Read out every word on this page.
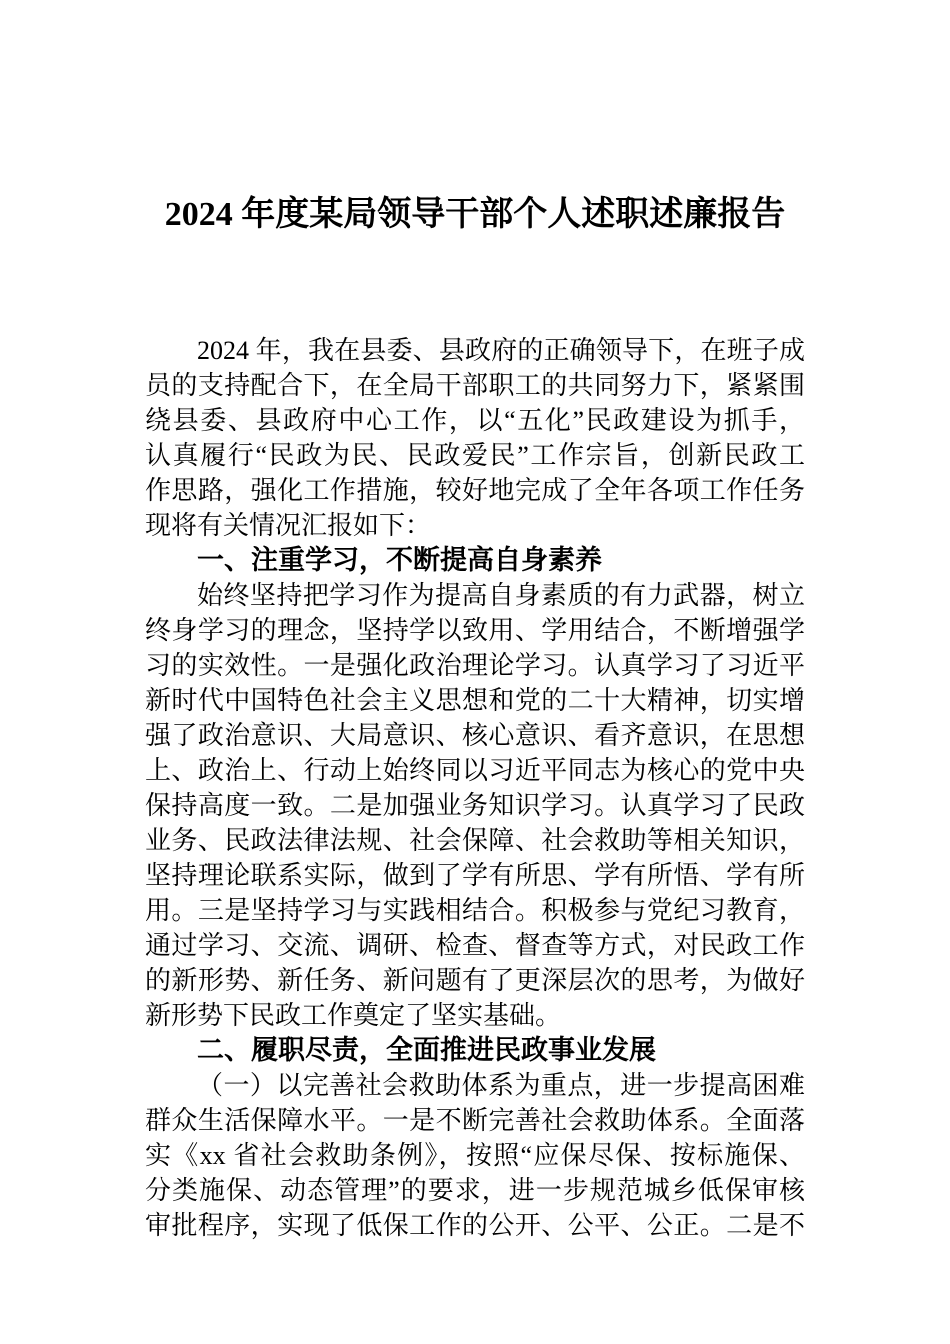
2024 年度某局领导干部个人述职述廉报告
2024 年，我在县委、县政府的正确领导下，在班子成
员的支持配合下，在全局干部职工的共同努力下，紧紧围
绕县委、县政府中心工作，以“五化”民政建设为抓手，
认真履行“民政为民、民政爱民”工作宗旨，创新民政工
作思路，强化工作措施，较好地完成了全年各项工作任务
现将有关情况汇报如下：
一、注重学习，不断提高自身素养
始终坚持把学习作为提高自身素质的有力武器，树立
终身学习的理念，坚持学以致用、学用结合，不断增强学
习的实效性。一是强化政治理论学习。认真学习了习近平
新时代中国特色社会主义思想和党的二十大精神，切实增
强了政治意识、大局意识、核心意识、看齐意识，在思想
上、政治上、行动上始终同以习近平同志为核心的党中央
保持高度一致。二是加强业务知识学习。认真学习了民政
业务、民政法律法规、社会保障、社会救助等相关知识，
坚持理论联系实际，做到了学有所思、学有所悟、学有所
用。三是坚持学习与实践相结合。积极参与党纪习教育，
通过学习、交流、调研、检查、督查等方式，对民政工作
的新形势、新任务、新问题有了更深层次的思考，为做好
新形势下民政工作奠定了坚实基础。
二、履职尽责，全面推进民政事业发展
（一）以完善社会救助体系为重点，进一步提高困难
群众生活保障水平。一是不断完善社会救助体系。全面落
实《xx 省社会救助条例》，按照“应保尽保、按标施保、
分类施保、动态管理”的要求，进一步规范城乡低保审核
审批程序，实现了低保工作的公开、公平、公正。二是不
